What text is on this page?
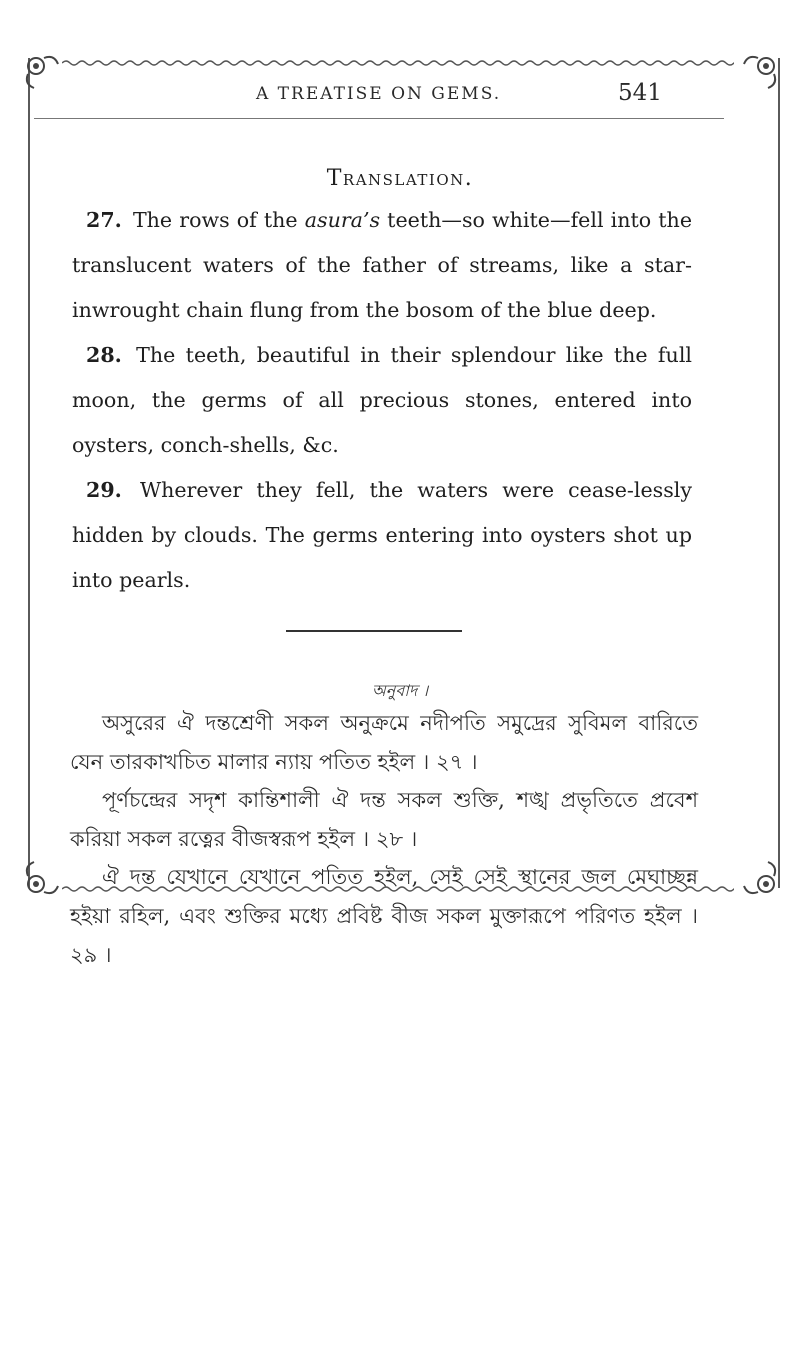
A TREATISE ON GEMS.	541
Translation.

27. The rows of the asura’s teeth—so white—fell into the translucent waters of the father of streams, like a star-inwrought chain flung from the bosom of the blue deep.

28. The teeth, beautiful in their splendour like the full moon, the germs of all precious stones, entered into oysters, conch-shells, &c.

29. Wherever they fell, the waters were cease-lessly hidden by clouds. The germs entering into oysters shot up into pearls.

অনুবাদ ।

অসুরের ঐ দন্তশ্রেণী সকল অনুক্রমে নদীপতি সমুদ্রের সুবিমল বারিতে যেন তারকাখচিত মালার ন্যায় পতিত হইল । ২৭ ।

পূর্ণচন্দ্রের সদৃশ কান্তিশালী ঐ দন্ত সকল শুক্তি, শঙ্খ প্রভৃতিতে প্রবেশ করিয়া সকল রত্নের বীজস্বরূপ হইল । ২৮ ।

ঐ দন্ত যেখানে যেখানে পতিত হইল, সেই সেই স্থানের জল মেঘাচ্ছন্ন হইয়া রহিল, এবং শুক্তির মধ্যে প্রবিষ্ট বীজ সকল মুক্তারূপে পরিণত হইল । ২৯ ।
